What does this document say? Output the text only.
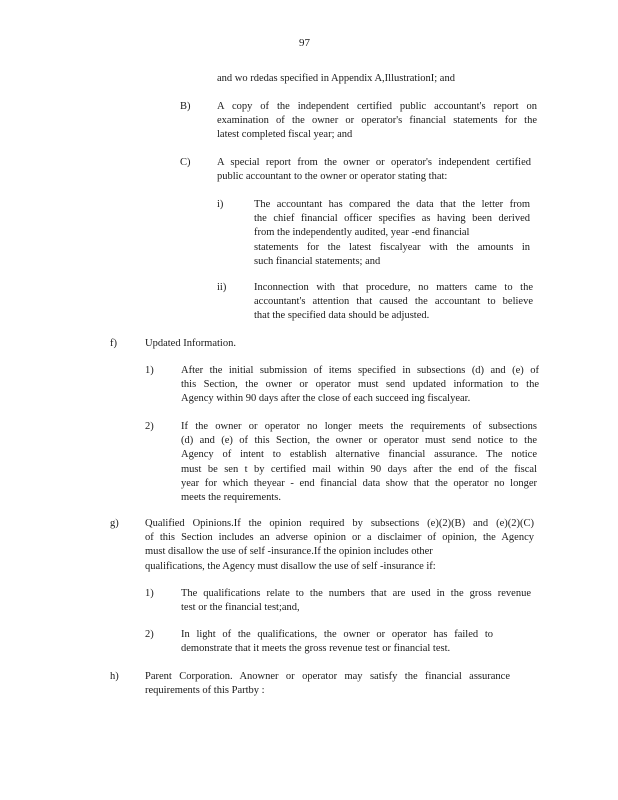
97
and wo rdedas specified in Appendix A,IllustrationI; and
B)	A copy of the independent certified public accountant's report on
examination of the owner or operator's financial statements for the
latest completed fiscal year; and
C)	A special report from the owner or operator's independent certified
public accountant to the owner or operator stating that:
i)	The accountant has compared the data that the letter from
the chief financial officer specifies as having been derived
from the independently audited, year -end financial
statements for the latest fiscalyear with the amounts in
such financial statements; and
ii)	Inconnection with that procedure, no matters came to the
accountant's attention that caused the accountant to believe
that the specified data should be adjusted.
f)	Updated Information.
1)	After the initial submission of items specified in subsections (d) and (e) of
this Section, the owner or operator must send updated information to the
Agency within 90 days after the close of each succeed ing fiscalyear.
2)	If the owner or operator no longer meets the requirements of subsections
(d) and (e) of this Section, the owner or operator must send notice to the
Agency of intent to establish alternative financial assurance. The notice
must be sen t by certified mail within 90 days after the end of the fiscal
year for which theyear - end financial data show that the operator no longer
meets the requirements.
g)	Qualified Opinions.If the opinion required by subsections (e)(2)(B) and (e)(2)(C)
of this Section includes an adverse opinion or a disclaimer of opinion, the Agency
must disallow the use of self -insurance.If the opinion includes other
qualifications, the Agency must disallow the use of self -insurance if:
1)	The qualifications relate to the numbers that are used in the gross revenue
test or the financial test;and,
2)	In light of the qualifications, the owner or operator has failed to
demonstrate that it meets the gross revenue test or financial test.
h)	Parent Corporation. Anowner or operator may satisfy the financial assurance
requirements of this Partby :
